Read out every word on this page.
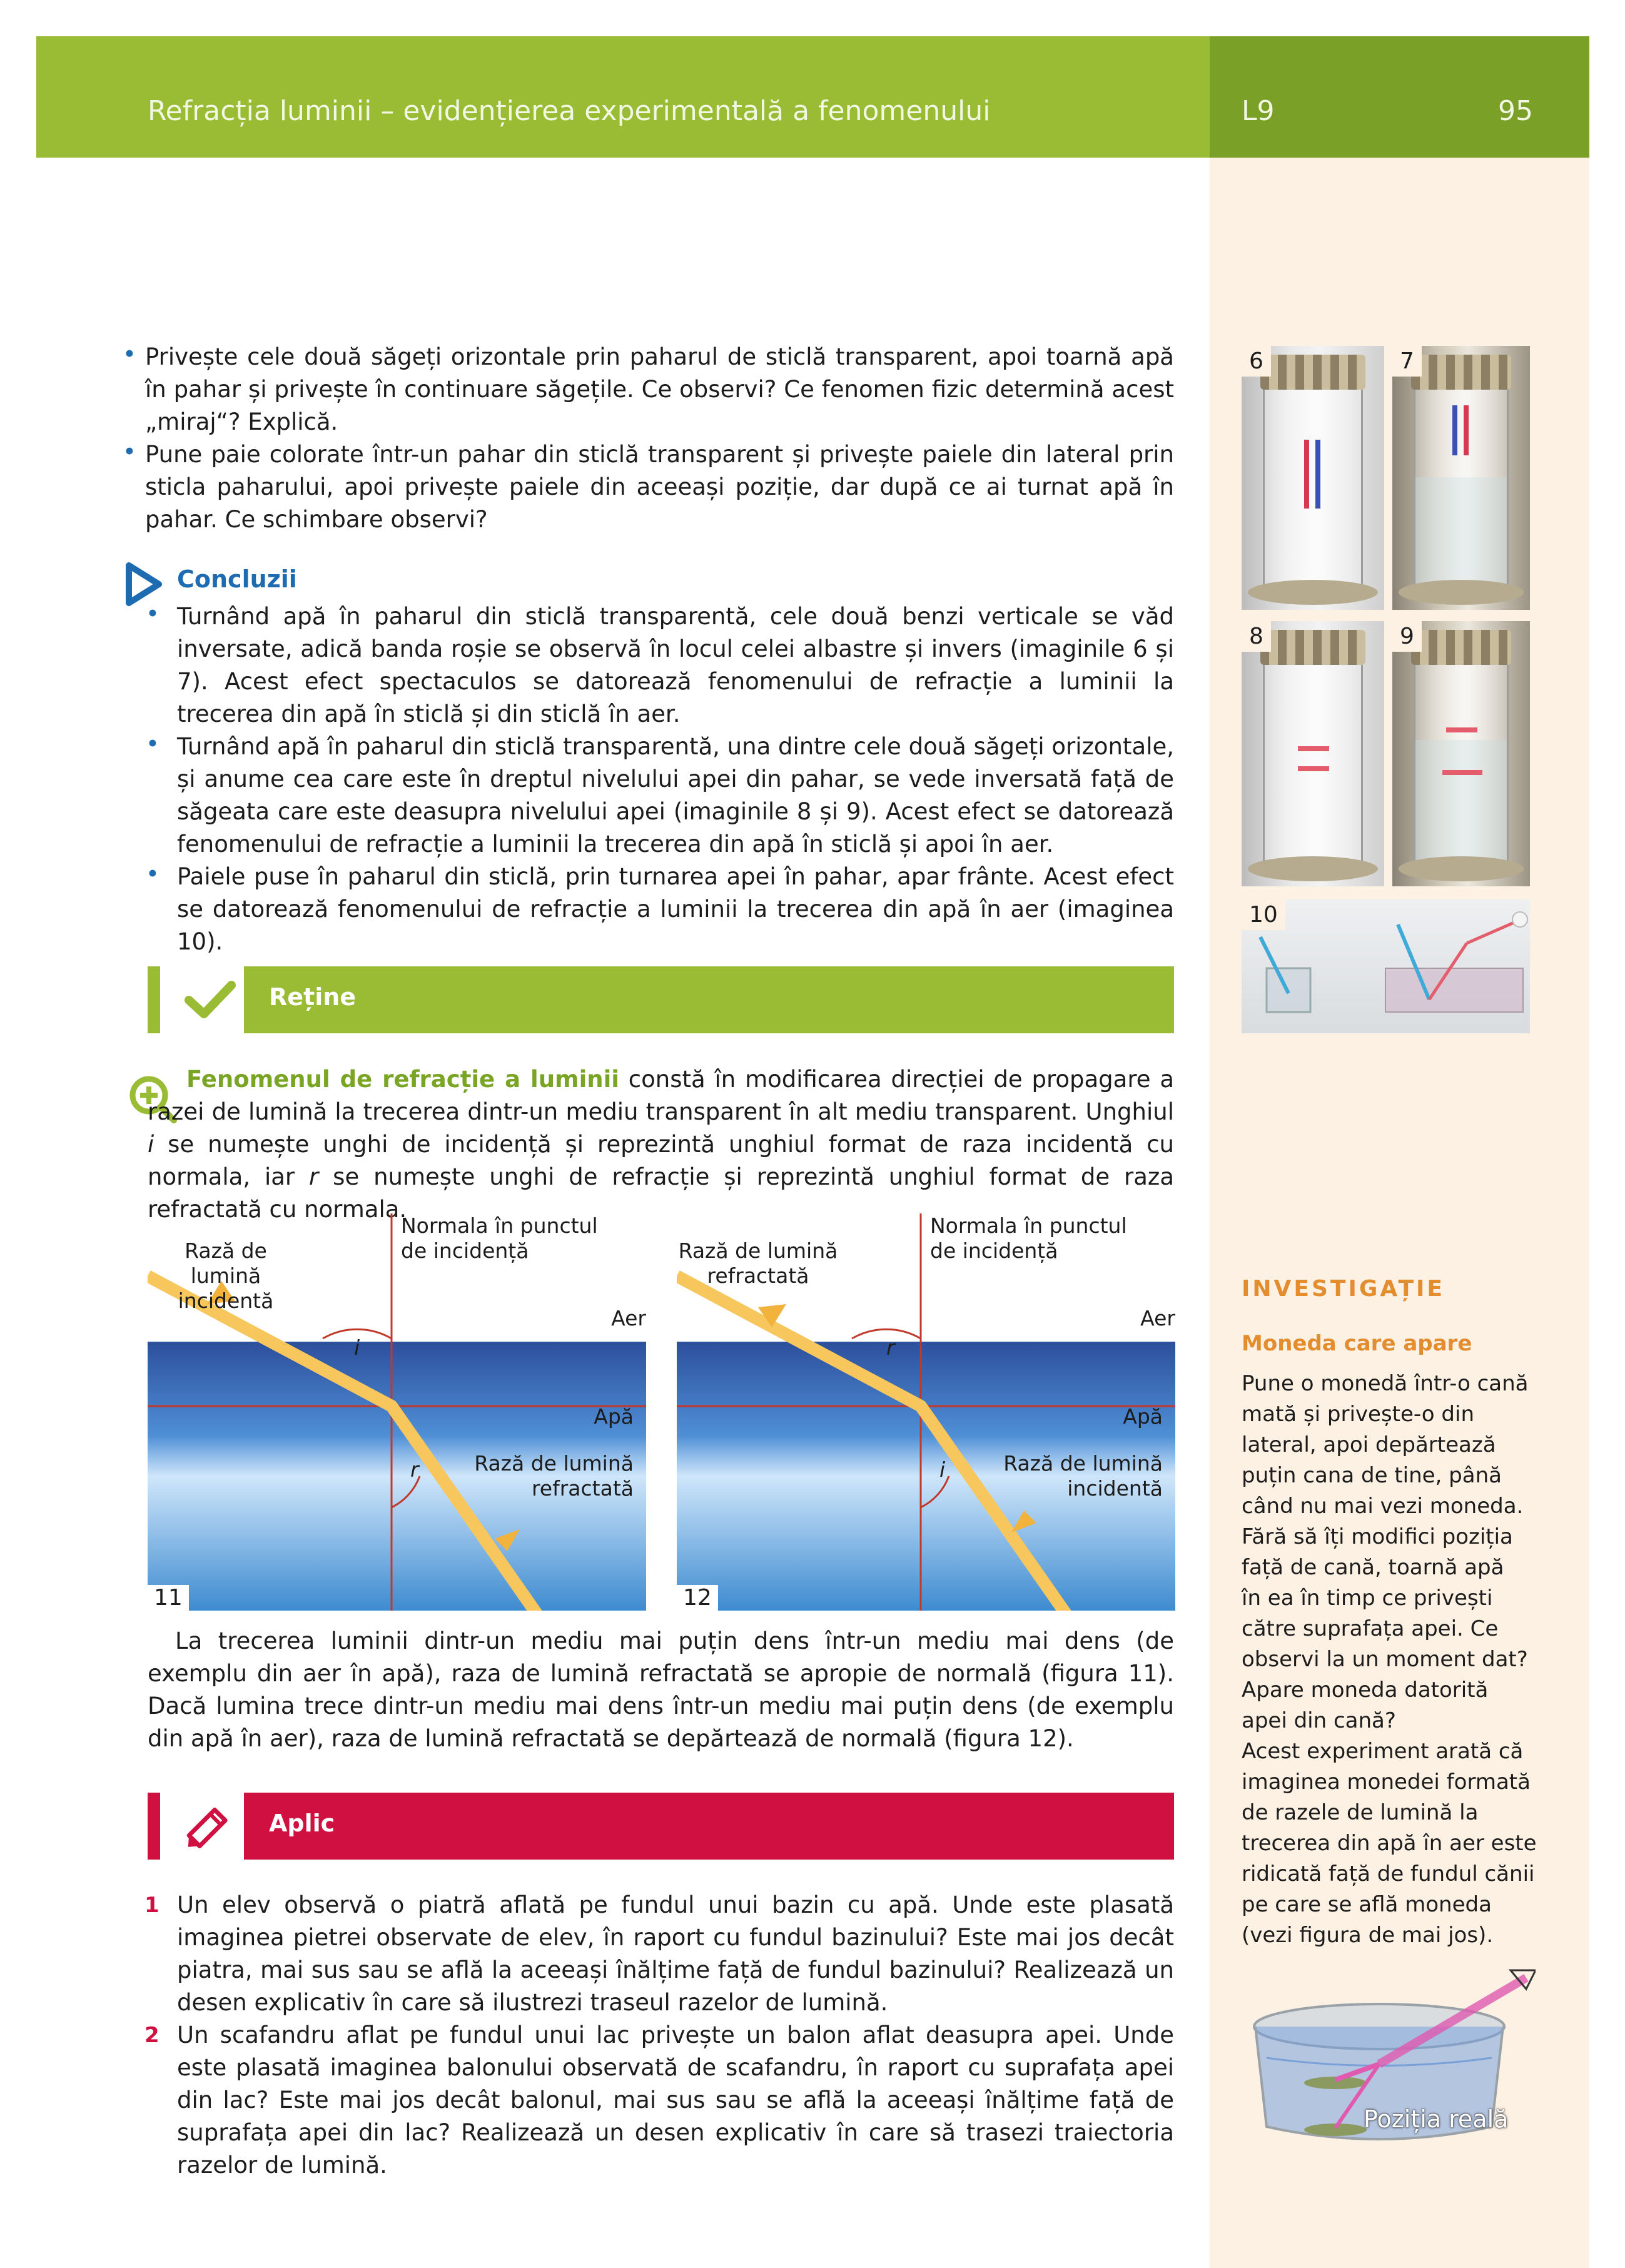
Refracția luminii – evidențierea experimentală a fenomenului	L9	95
• Privește cele două săgeți orizontale prin paharul de sticlă transparent, apoi toarnă apă în pahar și privește în continuare săgețile. Ce observi? Ce fenomen fizic determină acest „miraj“? Explică.
• Pune paie colorate într-un pahar din sticlă transparent și privește paiele din lateral prin sticla paharului, apoi privește paiele din aceeași poziție, dar după ce ai turnat apă în pahar. Ce schimbare observi?
Concluzii
• Turnând apă în paharul din sticlă transparentă, cele două benzi verticale se văd inversate, adică banda roșie se observă în locul celei albastre și invers (imaginile 6 și 7). Acest efect spectaculos se datorează fenomenului de refracție a luminii la trecerea din apă în sticlă și din sticlă în aer.
• Turnând apă în paharul din sticlă transparentă, una dintre cele două săgeți orizontale, și anume cea care este în dreptul nivelului apei din pahar, se vede inversată față de săgeata care este deasupra nivelului apei (imaginile 8 și 9). Acest efect se datorează fenomenului de refracție a luminii la trecerea din apă în sticlă și apoi în aer.
• Paiele puse în paharul din sticlă, prin turnarea apei în pahar, apar frânte. Acest efect se datorează fenomenului de refracție a luminii la trecerea din apă în aer (imaginea 10).
6	7
8	9
10
Reține
Fenomenul de refracție a luminii constă în modificarea direcției de propagare a razei de lumină la trecerea dintr-un mediu transparent în alt mediu transparent. Unghiul i se numește unghi de incidență și reprezintă unghiul format de raza incidentă cu normala, iar r se numește unghi de refracție și reprezintă unghiul format de raza refractată cu normala.
Rază de lumină
incidentă
Normala în punctul
de incidență
Aer
i
Apă
r	Rază de lumină
refractată
11
Rază de lumină
refractată
Normala în punctul
de incidență
Aer
r
Apă
i	Rază de lumină
incidentă
12
La trecerea luminii dintr-un mediu mai puțin dens într-un mediu mai dens (de exemplu din aer în apă), raza de lumină refractată se apropie de normală (figura 11). Dacă lumina trece dintr-un mediu mai dens într-un mediu mai puțin dens (de exemplu din apă în aer), raza de lumină refractată se depărtează de normală (figura 12).
Aplic
1 Un elev observă o piatră aflată pe fundul unui bazin cu apă. Unde este plasată imaginea pietrei observate de elev, în raport cu fundul bazinului? Este mai jos decât piatra, mai sus sau se află la aceeași înălțime față de fundul bazinului? Realizează un desen explicativ în care să ilustrezi traseul razelor de lumină.
2 Un scafandru aflat pe fundul unui lac privește un balon aflat deasupra apei. Unde este plasată imaginea balonului observată de scafandru, în raport cu suprafața apei din lac? Este mai jos decât balonul, mai sus sau se află la aceeași înălțime față de suprafața apei din lac? Realizează un desen explicativ în care să trasezi traiectoria razelor de lumină.
INVESTIGAȚIE
Moneda care apare
Pune o monedă într-o cană
mată și privește-o din
lateral, apoi depărtează
puțin cana de tine, până
când nu mai vezi moneda.
Fără să îți modifici poziția
față de cană, toarnă apă
în ea în timp ce privești
către suprafața apei. Ce
observi la un moment dat?
Apare moneda datorită
apei din cană?
Acest experiment arată că
imaginea monedei formată
de razele de lumină la
trecerea din apă în aer este
ridicată față de fundul cănii
pe care se află moneda
(vezi figura de mai jos).
Poziția reală
